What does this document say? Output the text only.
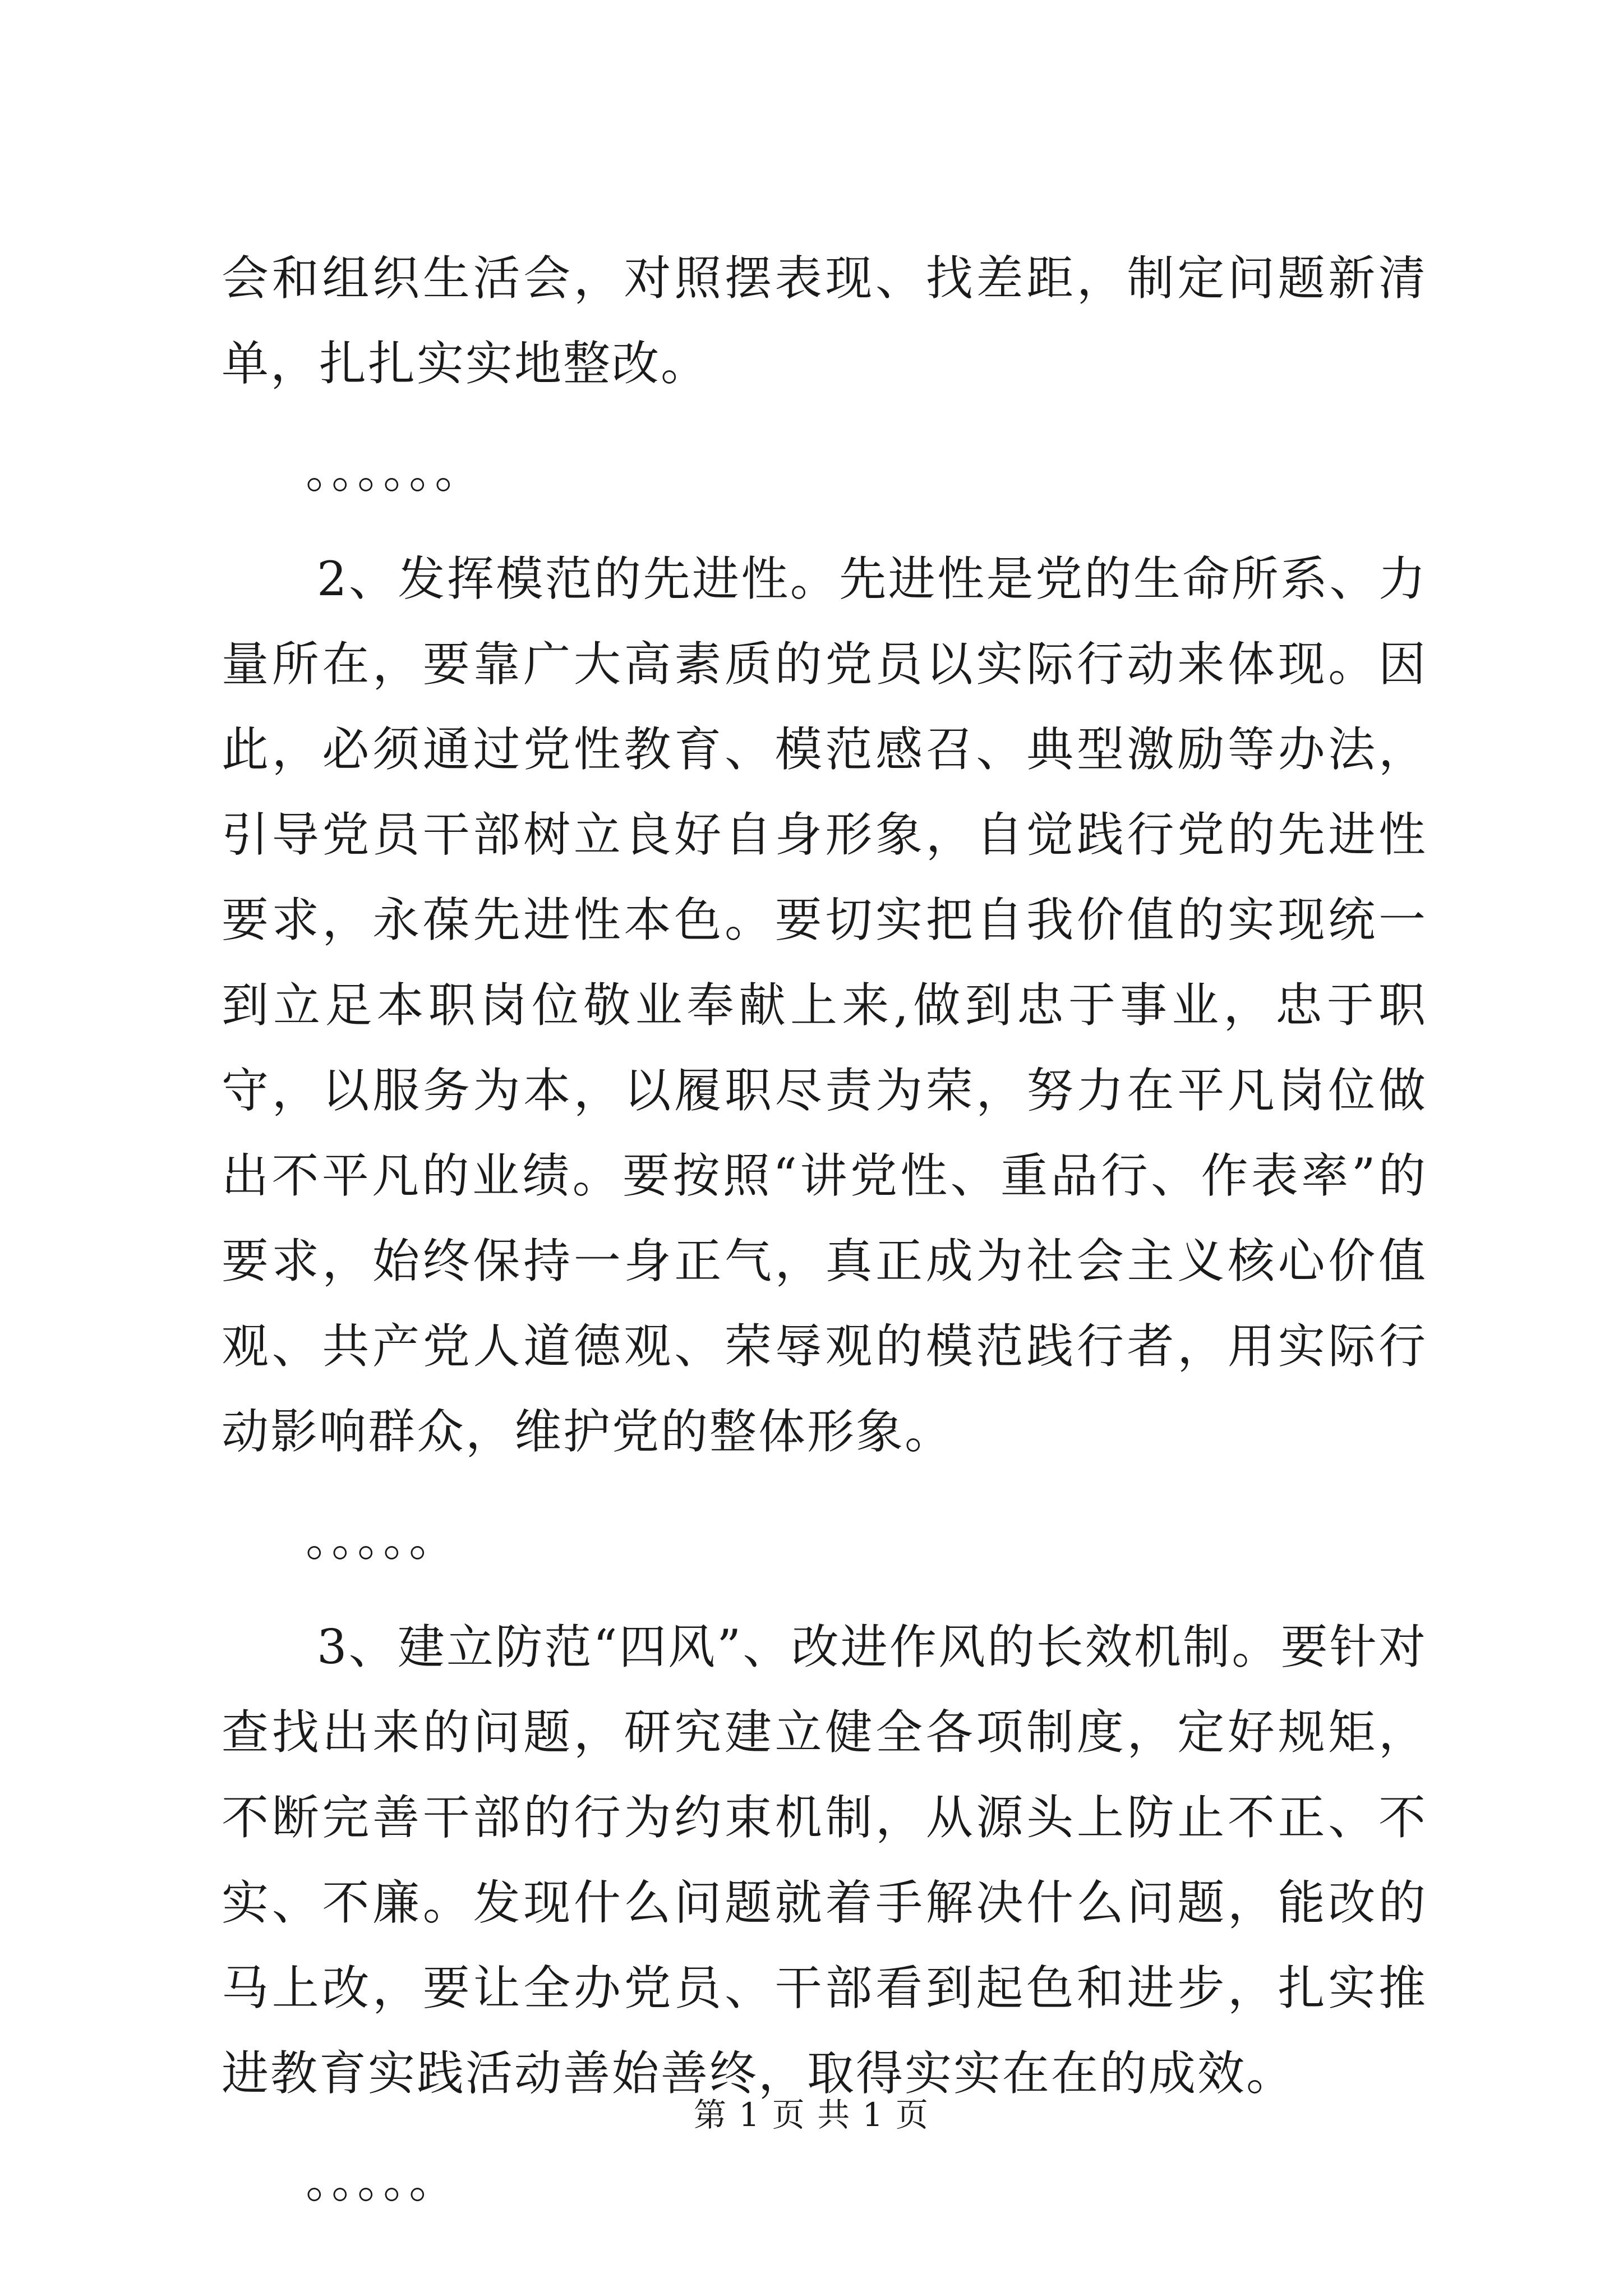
会和组织生活会，对照摆表现、找差距，制定问题新清单，扎扎实实地整改。

。。。。。。

2、发挥模范的先进性。先进性是党的生命所系、力量所在，要靠广大高素质的党员以实际行动来体现。因此，必须通过党性教育、模范感召、典型激励等办法，引导党员干部树立良好自身形象，自觉践行党的先进性要求，永葆先进性本色。要切实把自我价值的实现统一到立足本职岗位敬业奉献上来,做到忠于事业，忠于职守，以服务为本，以履职尽责为荣，努力在平凡岗位做出不平凡的业绩。要按照“讲党性、重品行、作表率”的要求，始终保持一身正气，真正成为社会主义核心价值观、共产党人道德观、荣辱观的模范践行者，用实际行动影响群众，维护党的整体形象。

。。。。。

3、建立防范“四风”、改进作风的长效机制。要针对查找出来的问题，研究建立健全各项制度，定好规矩，不断完善干部的行为约束机制，从源头上防止不正、不实、不廉。发现什么问题就着手解决什么问题，能改的马上改，要让全办党员、干部看到起色和进步，扎实推进教育实践活动善始善终，取得实实在在的成效。

。。。。。

第 1 页 共 1 页
